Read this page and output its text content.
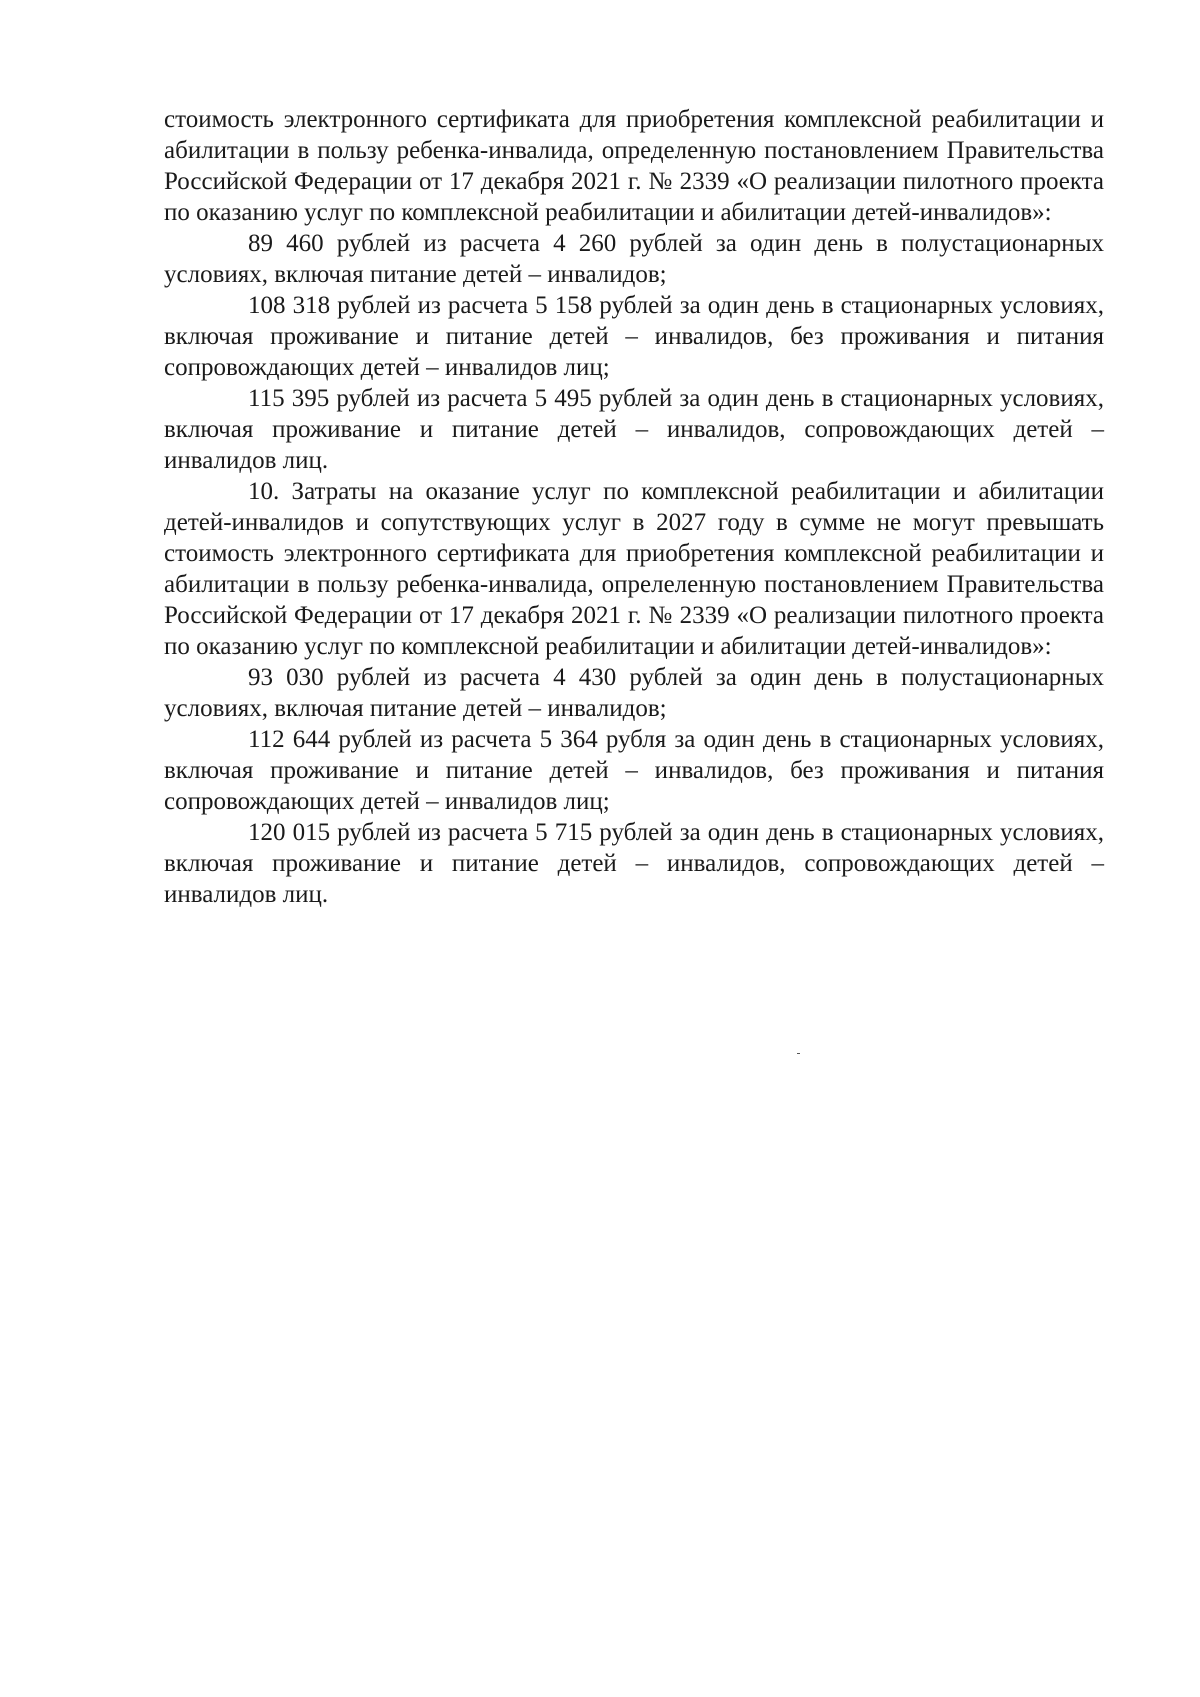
стоимость электронного сертификата для приобретения комплексной реабилитации и абилитации в пользу ребенка-инвалида, определенную постановлением Правительства Российской Федерации от 17 декабря 2021 г. № 2339 «О реализации пилотного проекта по оказанию услуг по комплексной реабилитации и абилитации детей-инвалидов»:

89 460 рублей из расчета 4 260 рублей за один день в полустационарных условиях, включая питание детей – инвалидов;

108 318 рублей из расчета 5 158 рублей за один день в стационарных условиях, включая проживание и питание детей – инвалидов, без проживания и питания сопровождающих детей – инвалидов лиц;

115 395 рублей из расчета 5 495 рублей за один день в стационарных условиях, включая проживание и питание детей – инвалидов, сопровождающих детей – инвалидов лиц.

10. Затраты на оказание услуг по комплексной реабилитации и абилитации детей-инвалидов и сопутствующих услуг в 2027 году в сумме не могут превышать стоимость электронного сертификата для приобретения комплексной реабилитации и абилитации в пользу ребенка-инвалида, опрелеленную постановлением Правительства Российской Федерации от 17 декабря 2021 г. № 2339 «О реализации пилотного проекта по оказанию услуг по комплексной реабилитации и абилитации детей-инвалидов»:

93 030 рублей из расчета 4 430 рублей за один день в полустационарных условиях, включая питание детей – инвалидов;

112 644 рублей из расчета 5 364 рубля за один день в стационарных условиях, включая проживание и питание детей – инвалидов, без проживания и питания сопровождающих детей – инвалидов лиц;

120 015 рублей из расчета 5 715 рублей за один день в стационарных условиях, включая проживание и питание детей – инвалидов, сопровождающих детей – инвалидов лиц.
